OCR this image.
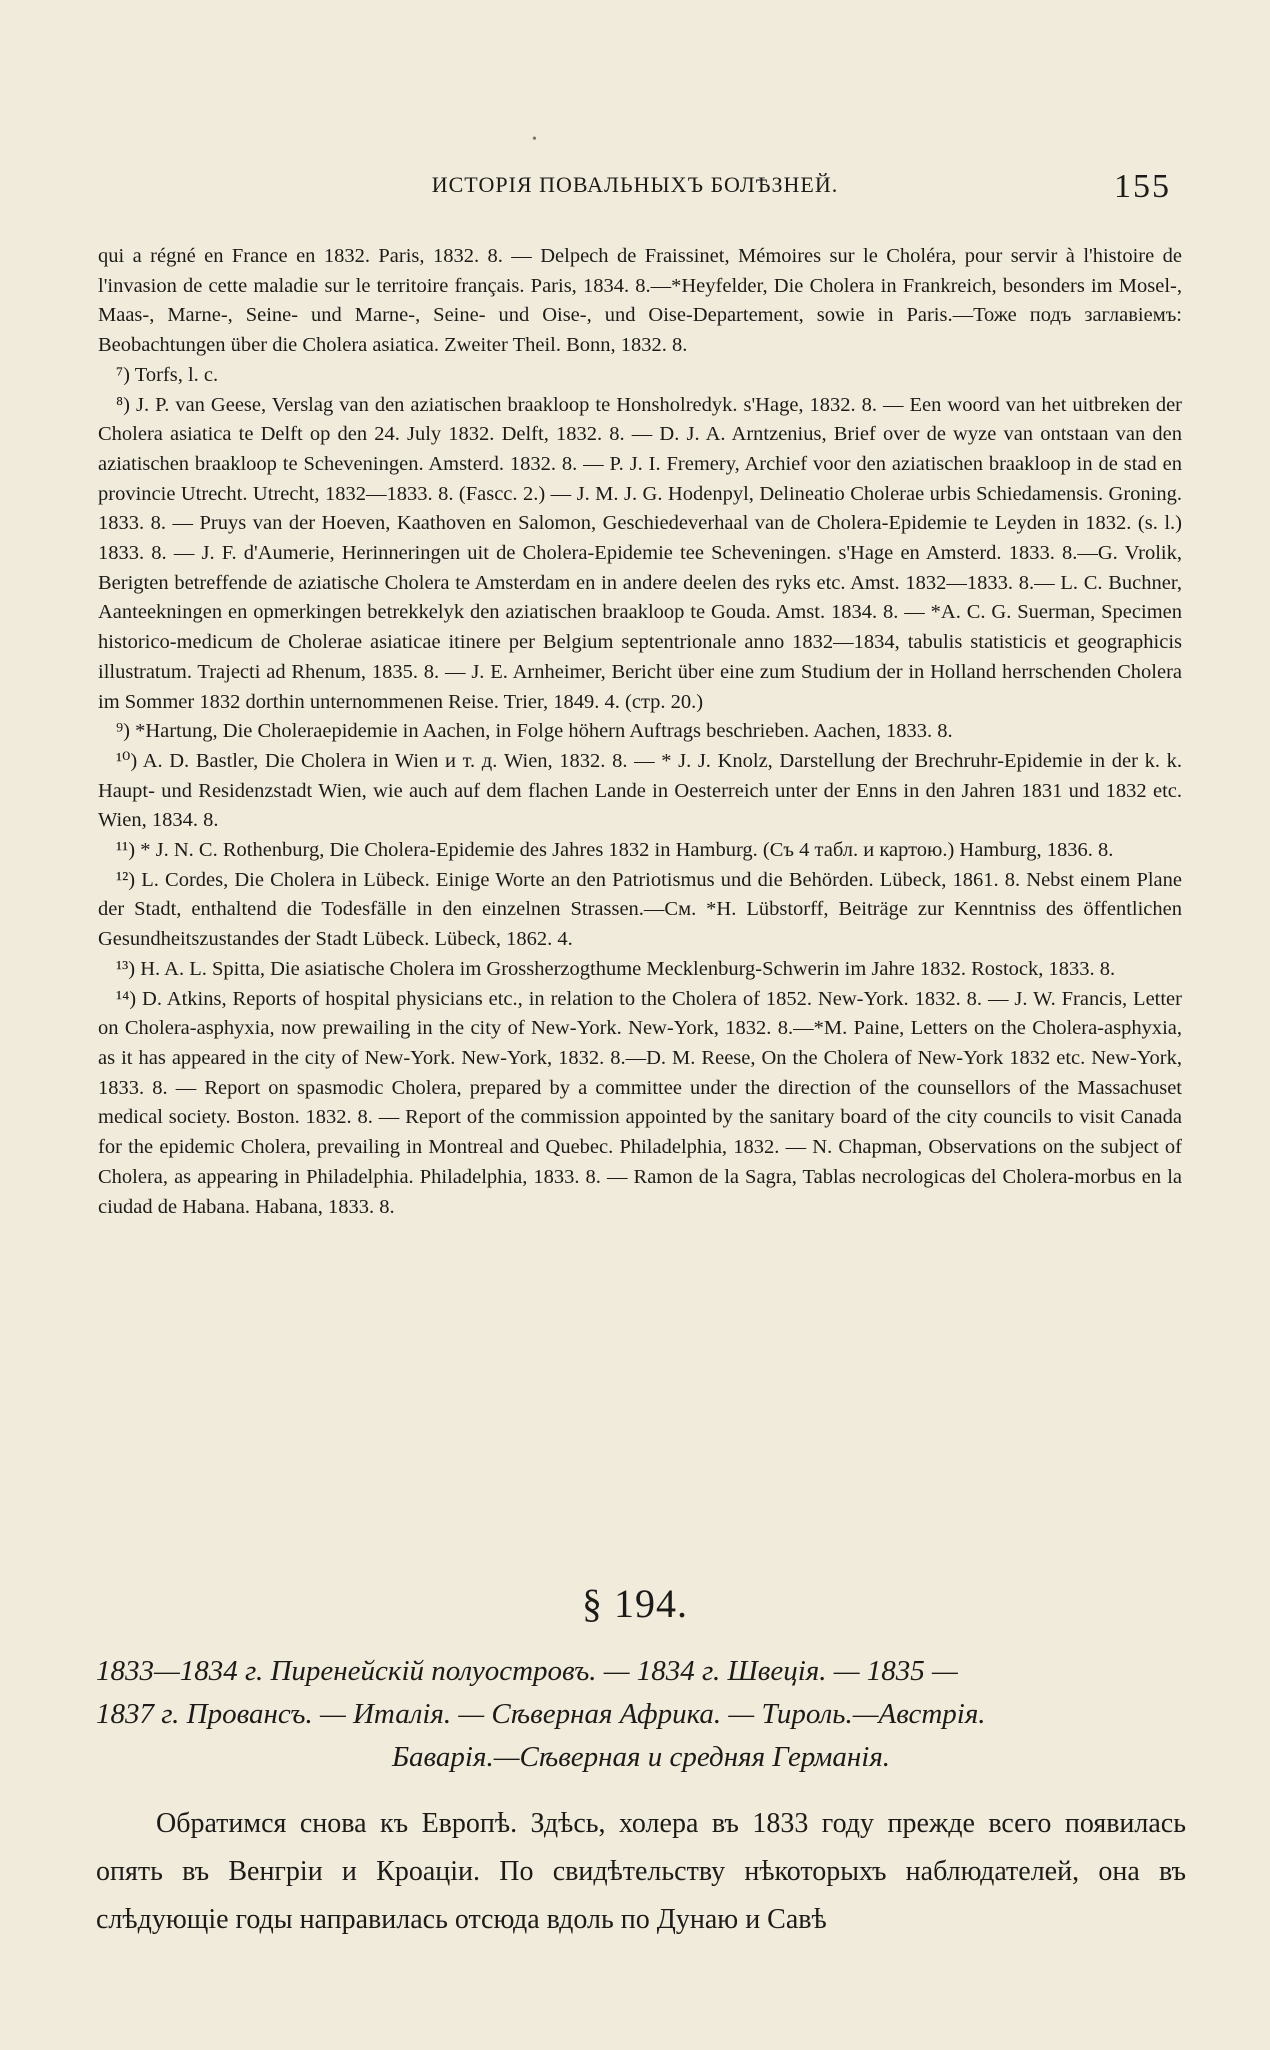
•
ИСТОРІЯ ПОВАЛЬНЫХЪ БОЛѢЗНЕЙ.	155

qui a régné en France en 1832. Paris, 1832. 8. — Delpech de Fraissinet, Mémoires sur le Choléra, pour servir à l'histoire de l'invasion de cette maladie sur le territoire français. Paris, 1834. 8.—*Heyfelder, Die Cholera in Frankreich, besonders im Mosel-, Maas-, Marne-, Seine- und Marne-, Seine- und Oise-, und Oise-Departement, sowie in Paris.—Тоже подъ заглавіемъ: Beobachtungen über die Cholera asiatica. Zweiter Theil. Bonn, 1832. 8.

⁷) Torfs, l. c.

⁸) J. P. van Geese, Verslag van den aziatischen braakloop te Honsholredyk. s'Hage, 1832. 8. — Een woord van het uitbreken der Cholera asiatica te Delft op den 24. July 1832. Delft, 1832. 8. — D. J. A. Arntzenius, Brief over de wyze van ontstaan van den aziatischen braakloop te Scheveningen. Amsterd. 1832. 8. — P. J. I. Fremery, Archief voor den aziatischen braakloop in de stad en provincie Utrecht. Utrecht, 1832—1833. 8. (Fascc. 2.) — J. M. J. G. Hodenpyl, Delineatio Cholerae urbis Schiedamensis. Groning. 1833. 8. — Pruys van der Hoeven, Kaathoven en Salomon, Geschiedeverhaal van de Cholera-Epidemie te Leyden in 1832. (s. l.) 1833. 8. — J. F. d'Aumerie, Herinneringen uit de Cholera-Epidemie tee Scheveningen. s'Hage en Amsterd. 1833. 8.—G. Vrolik, Berigten betreffende de aziatische Cholera te Amsterdam en in andere deelen des ryks etc. Amst. 1832—1833. 8.— L. C. Buchner, Aanteekningen en opmerkingen betrekkelyk den aziatischen braakloop te Gouda. Amst. 1834. 8. — *A. C. G. Suerman, Specimen historico-medicum de Cholerae asiaticae itinere per Belgium septentrionale anno 1832—1834, tabulis statisticis et geographicis illustratum. Trajecti ad Rhenum, 1835. 8. — J. E. Arnheimer, Bericht über eine zum Studium der in Holland herrschenden Cholera im Sommer 1832 dorthin unternommenen Reise. Trier, 1849. 4. (стр. 20.)

⁹) *Hartung, Die Choleraepidemie in Aachen, in Folge höhern Auftrags beschrieben. Aachen, 1833. 8.

¹⁰) A. D. Bastler, Die Cholera in Wien и т. д. Wien, 1832. 8. — * J. J. Knolz, Darstellung der Brechruhr-Epidemie in der k. k. Haupt- und Residenzstadt Wien, wie auch auf dem flachen Lande in Oesterreich unter der Enns in den Jahren 1831 und 1832 etc. Wien, 1834. 8.

¹¹) * J. N. C. Rothenburg, Die Cholera-Epidemie des Jahres 1832 in Hamburg. (Съ 4 табл. и картою.) Hamburg, 1836. 8.

¹²) L. Cordes, Die Cholera in Lübeck. Einige Worte an den Patriotismus und die Behörden. Lübeck, 1861. 8. Nebst einem Plane der Stadt, enthaltend die Todesfälle in den einzelnen Strassen.—См. *H. Lübstorff, Beiträge zur Kenntniss des öffentlichen Gesundheitszustandes der Stadt Lübeck. Lübeck, 1862. 4.

¹³) H. A. L. Spitta, Die asiatische Cholera im Grossherzogthume Mecklenburg-Schwerin im Jahre 1832. Rostock, 1833. 8.

¹⁴) D. Atkins, Reports of hospital physicians etc., in relation to the Cholera of 1852. New-York. 1832. 8. — J. W. Francis, Letter on Cholera-asphyxia, now prewailing in the city of New-York. New-York, 1832. 8.—*M. Paine, Letters on the Cholera-asphyxia, as it has appeared in the city of New-York. New-York, 1832. 8.—D. M. Reese, On the Cholera of New-York 1832 etc. New-York, 1833. 8. — Report on spasmodic Cholera, prepared by a committee under the direction of the counsellors of the Massachuset medical society. Boston. 1832. 8. — Report of the commission appointed by the sanitary board of the city councils to visit Canada for the epidemic Cholera, prevailing in Montreal and Quebec. Philadelphia, 1832. — N. Chapman, Observations on the subject of Cholera, as appearing in Philadelphia. Philadelphia, 1833. 8. — Ramon de la Sagra, Tablas necrologicas del Cholera-morbus en la ciudad de Habana. Habana, 1833. 8.

§ 194.

1833—1834 г. Пиренейскій полуостровъ. — 1834 г. Швеція. — 1835 —

1837 г. Провансъ. — Италія. — Сѣверная Африка. — Тироль.—Австрія.

Баварія.—Сѣверная и средняя Германія.

Обратимся снова къ Европѣ. Здѣсь, холера въ 1833 году прежде всего появилась опять въ Венгріи и Кроаціи. По свидѣтельству нѣкоторыхъ наблюдателей, она въ слѣдующіе годы направилась отсюда вдоль по Дунаю и Савѣ
